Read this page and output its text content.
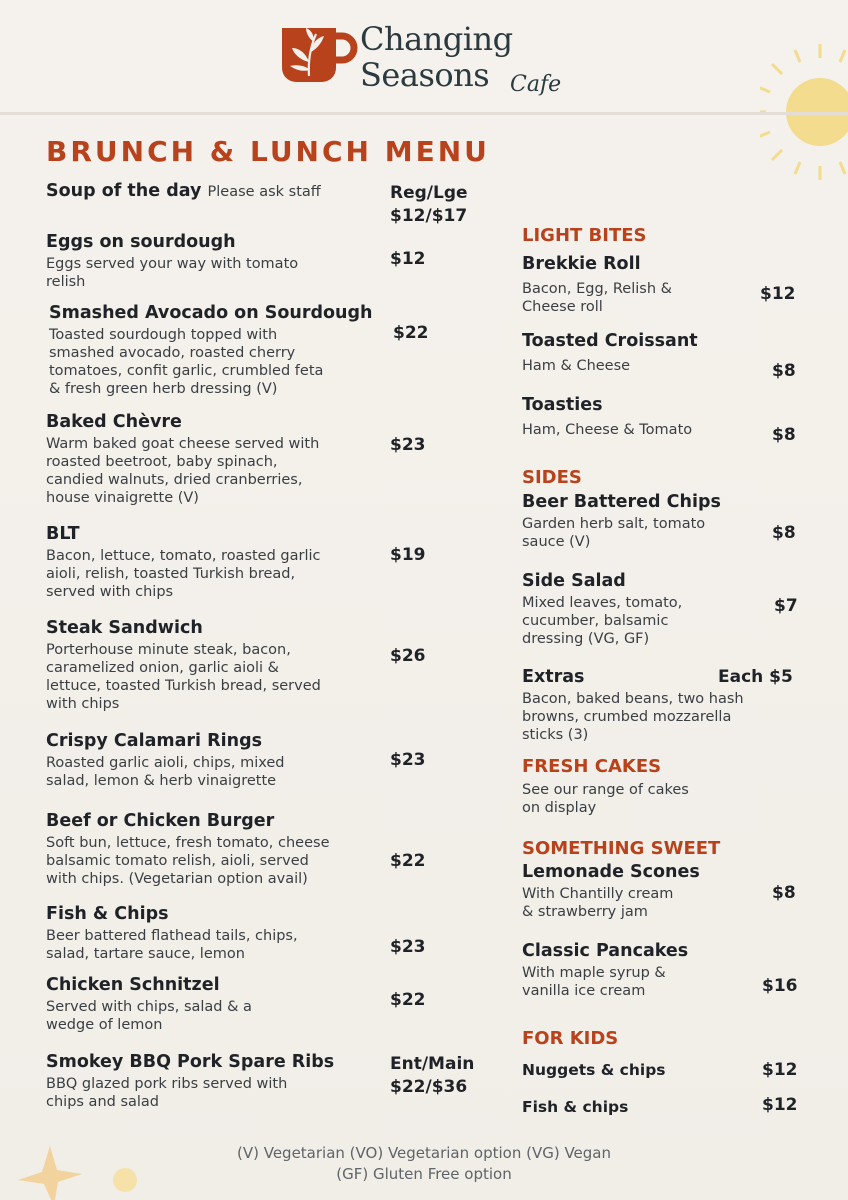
Changing
Seasons Cafe
BRUNCH & LUNCH MENU
Soup of the day Please ask staff	Reg/Lge
$12/$17
Eggs on sourdough
Eggs served your way with tomato
relish
$12
Smashed Avocado on Sourdough
Toasted sourdough topped with
smashed avocado, roasted cherry
tomatoes, confit garlic, crumbled feta
& fresh green herb dressing (V)
$22
Baked Chèvre
Warm baked goat cheese served with
roasted beetroot, baby spinach,
candied walnuts, dried cranberries,
house vinaigrette (V)
$23
BLT
Bacon, lettuce, tomato, roasted garlic
aioli, relish, toasted Turkish bread,
served with chips
$19
Steak Sandwich
Porterhouse minute steak, bacon,
caramelized onion, garlic aioli &
lettuce, toasted Turkish bread, served
with chips
$26
Crispy Calamari Rings
Roasted garlic aioli, chips, mixed
salad, lemon & herb vinaigrette
$23
Beef or Chicken Burger
Soft bun, lettuce, fresh tomato, cheese
balsamic tomato relish, aioli, served
with chips. (Vegetarian option avail)
$22
Fish & Chips
Beer battered flathead tails, chips,
salad, tartare sauce, lemon	$23
Chicken Schnitzel
Served with chips, salad & a
wedge of lemon
$22
Smokey BBQ Pork Spare Ribs
BBQ glazed pork ribs served with
chips and salad
Ent/Main
$22/$36
LIGHT BITES
Brekkie Roll
Bacon, Egg, Relish &
Cheese roll
$12
Toasted Croissant
Ham & Cheese	$8
Toasties
Ham, Cheese & Tomato	$8
SIDES
Beer Battered Chips
Garden herb salt, tomato
sauce (V)	$8
Side Salad
Mixed leaves, tomato,
cucumber, balsamic
dressing (VG, GF)
$7
Extras
Bacon, baked beans, two hash
browns, crumbed mozzarella
sticks (3)
Each $5
FRESH CAKES
See our range of cakes
on display
SOMETHING SWEET
Lemonade Scones
With Chantilly cream
& strawberry jam
$8
Classic Pancakes
With maple syrup &
vanilla ice cream	$16
FOR KIDS
Nuggets & chips	$12
Fish & chips	$12
(V) Vegetarian (VO) Vegetarian option (VG) Vegan
(GF) Gluten Free option
